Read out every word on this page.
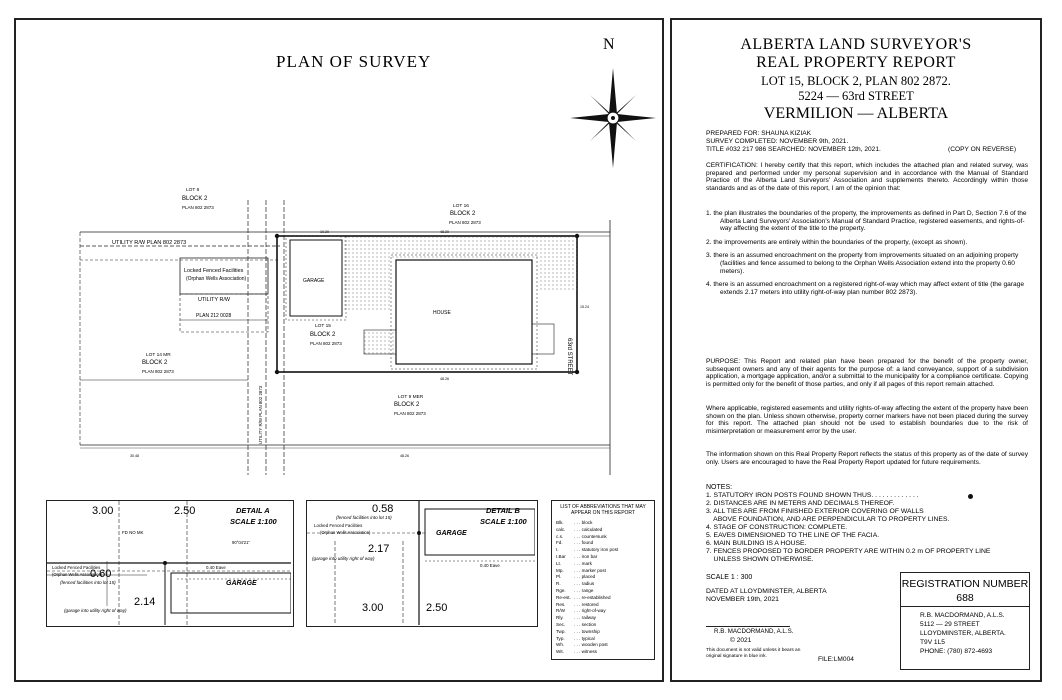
PLAN OF SURVEY
N
10.20	48.20
48.26
15.24
30.48	48.26
LOT 6
BLOCK 2
PLAN 802 2873	LOT 16
BLOCK 2
PLAN 802 2873
LOT 15
BLOCK 2
PLAN 802 2873
LOT 14 MR
BLOCK 2
PLAN 802 2873
LOT 9 MER
BLOCK 2
PLAN 802 2873
UTILITY R/W PLAN 802 2873
Locked Fenced Facilities
(Orphan Wells Association)
UTILITY R/W
PLAN 212 0028
GARAGE
HOUSE
63rd STREET
UTILITY R/W PLAN 802 2873
DETAIL A
SCALE 1:100
3.00	2.50
FD NO MK
90°04'21"
Locked Fenced Facilities
(Orphan Wells Association)
0.60
(fenced facilities into lot 15)
0.40 Eave
GARAGE
2.14
(garage into utility right of way)
DETAIL B
SCALE 1:100
0.58
(fenced facilities into lot 15)
Locked Fenced Facilities
(Orphan Wells Association)	GARAGE
2.17
(garage into utility right of way)
0.40 Eave
3.00	2.50
LIST OF ABBREVIATIONS THAT MAY APPEAR ON THIS REPORT
Blk.	. . . block
calc.	. . . calculated
c.s.	. . . countersunk
Fd.	. . . found
I.	. . . statutory iron post
I.Bar	. . . iron bar
Lt.	. . . mark
Mp.	. . . marker post
Pl.	. . . placed
R.	. . . radius
Rge.	. . . range
Re-est. . . . re-established
Res.	. . . restored
R/W	. . . right-of-way
Rly.	. . . railway
Sec.	. . . section
Twp.	. . . township
Typ.	. . . typical
Wh.	. . . wooden post
Wit.	. . . witness
ALBERTA LAND SURVEYOR'S
REAL PROPERTY REPORT
LOT 15, BLOCK 2, PLAN 802 2872.
5224 — 63rd STREET
VERMILION — ALBERTA
PREPARED FOR: SHAUNA KIZIAK
SURVEY COMPLETED: NOVEMBER 9th, 2021.
TITLE #032 217 986 SEARCHED: NOVEMBER 12th, 2021.	(COPY ON REVERSE)
CERTIFICATION: I hereby certify that this report, which includes the attached plan and related survey, was prepared and performed under my personal supervision and in accordance with the Manual of Standard Practice of the Alberta Land Surveyors' Association and supplements thereto. Accordingly within those standards and as of the date of this report, I am of the opinion that:

1. the plan illustrates the boundaries of the property, the improvements as defined in Part D, Section 7.6 of the Alberta Land Surveyors' Association's Manual of Standard Practice, registered easements, and rights-of-way affecting the extent of the title to the property.

2. the improvements are entirely within the boundaries of the property, (except as shown).

3. there is an assumed encroachment on the property from improvements situated on an adjoining property (facilities and fence assumed to belong to the Orphan Wells Association extend into the property 0.60 meters).

4. there is an assumed encroachment on a registered right-of-way which may affect extent of title (the garage extends 2.17 meters into utility right-of-way plan number 802 2873).

PURPOSE: This Report and related plan have been prepared for the benefit of the property owner, subsequent owners and any of their agents for the purpose of: a land conveyance, support of a subdivision application, a mortgage application, and/or a submittal to the municipality for a compliance certificate. Copying is permitted only for the benefit of those parties, and only if all pages of this report remain attached.
Where applicable, registered easements and utility rights-of-way affecting the extent of the property have been shown on the plan. Unless shown otherwise, property corner markers have not been placed during the survey for this report. The attached plan should not be used to establish boundaries due to the risk of misinterpretation or measurement error by the user.
The information shown on this Real Property Report reflects the status of this property as of the date of survey only. Users are encouraged to have the Real Property Report updated for future requirements.
NOTES:
1. STATUTORY IRON POSTS FOUND SHOWN THUS. . . . . . . . . . . . .
2. DISTANCES ARE IN METERS AND DECIMALS THEREOF.
3. ALL TIES ARE FROM FINISHED EXTERIOR COVERING OF WALLS
ABOVE FOUNDATION, AND ARE PERPENDICULAR TO PROPERTY LINES.
4. STAGE OF CONSTRUCTION: COMPLETE.
5. EAVES DIMENSIONED TO THE LINE OF THE FACIA.
6. MAIN BUILDING IS A HOUSE.
7. FENCES PROPOSED TO BORDER PROPERTY ARE WITHIN 0.2 m OF PROPERTY LINE
UNLESS SHOWN OTHERWISE.
SCALE 1 : 300
DATED AT LLOYDMINSTER, ALBERTA
NOVEMBER 19th, 2021
R.B. MACDORMAND, A.L.S.
© 2021
This document is not valid unless it bears an original signature in blue ink.	FILE:LM004
REGISTRATION NUMBER
688
R.B. MACDORMAND, A.L.S.
5112 — 29 STREET
LLOYDMINSTER, ALBERTA.
T9V 1L5
PHONE: (780) 872-4693
